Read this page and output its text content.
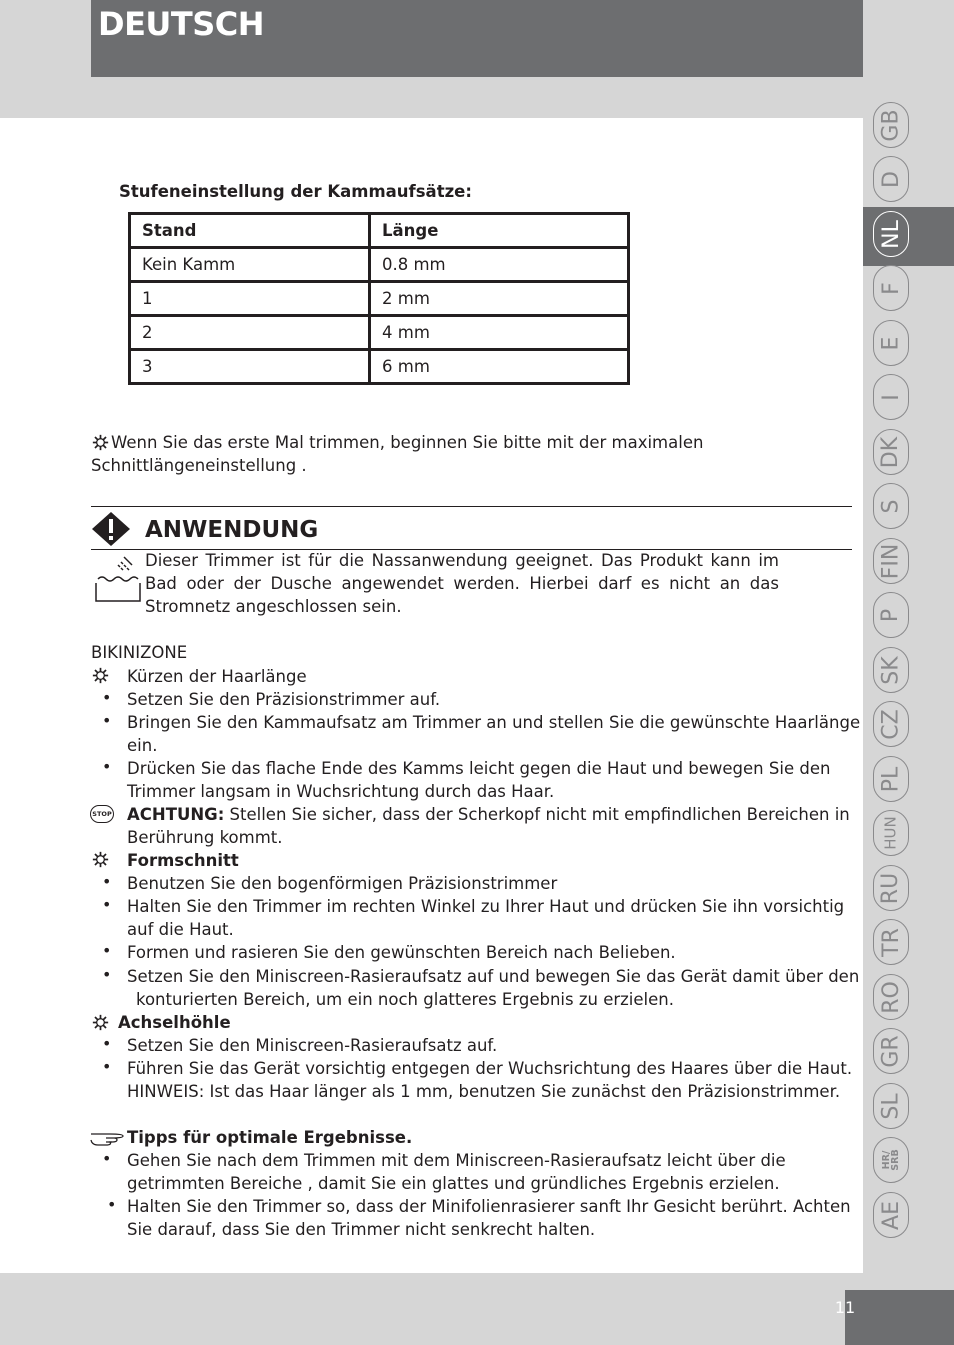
DEUTSCH
GB
D
NL
F
E
I
DK
S
FIN
P
SK
CZ
PL
HUN
RU
TR
RO
GR
SL
HR/ SRB
AE
11
Stufeneinstellung der Kammaufsätze:
Stand	Länge
Kein Kamm	0.8 mm
1	2 mm
2	4 mm
3	6 mm
Wenn Sie das erste Mal trimmen, beginnen Sie bitte mit der maximalen
Schnittlängeneinstellung .
ANWENDUNG
Dieser Trimmer ist für die Nassanwendung geeignet. Das Produkt kann im
Bad oder der Dusche angewendet werden. Hierbei darf es nicht an das
Stromnetz angeschlossen sein.
BIKINIZONE
Kürzen der Haarlänge
• Setzen Sie den Präzisionstrimmer auf.
• Bringen Sie den Kammaufsatz am Trimmer an und stellen Sie die gewünschte Haarlänge
ein.
• Drücken Sie das flache Ende des Kamms leicht gegen die Haut und bewegen Sie den
Trimmer langsam in Wuchsrichtung durch das Haar.
STOP ACHTUNG: Stellen Sie sicher, dass der Scherkopf nicht mit empfindlichen Bereichen in
Berührung kommt.
Formschnitt
• Benutzen Sie den bogenförmigen Präzisionstrimmer
• Halten Sie den Trimmer im rechten Winkel zu Ihrer Haut und drücken Sie ihn vorsichtig
auf die Haut.
• Formen und rasieren Sie den gewünschten Bereich nach Belieben.
• Setzen Sie den Miniscreen-Rasieraufsatz auf und bewegen Sie das Gerät damit über den
konturierten Bereich, um ein noch glatteres Ergebnis zu erzielen.
Achselhöhle
• Setzen Sie den Miniscreen-Rasieraufsatz auf.
• Führen Sie das Gerät vorsichtig entgegen der Wuchsrichtung des Haares über die Haut.
HINWEIS: Ist das Haar länger als 1 mm, benutzen Sie zunächst den Präzisionstrimmer.
Tipps für optimale Ergebnisse.
• Gehen Sie nach dem Trimmen mit dem Miniscreen-Rasieraufsatz leicht über die
getrimmten Bereiche , damit Sie ein glattes und gründliches Ergebnis erzielen.
• Halten Sie den Trimmer so, dass der Minifolienrasierer sanft Ihr Gesicht berührt. Achten
Sie darauf, dass Sie den Trimmer nicht senkrecht halten.
